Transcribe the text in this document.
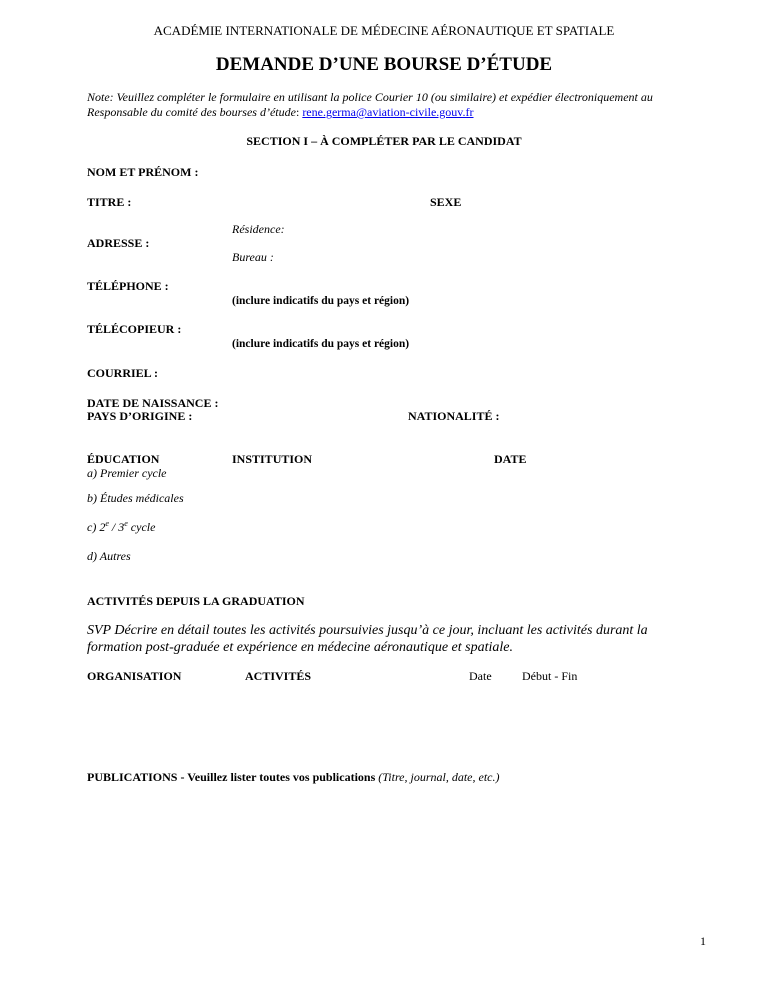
ACADÉMIE INTERNATIONALE DE MÉDECINE AÉRONAUTIQUE ET SPATIALE
DEMANDE D’UNE BOURSE D’ÉTUDE
Note: Veuillez compléter le formulaire en utilisant la police Courier 10 (ou similaire) et expédier électroniquement au
Responsable du comité des bourses d’étude: rene.germa@aviation-civile.gouv.fr
SECTION I – À COMPLÉTER PAR LE CANDIDAT
NOM ET PRÉNOM :
TITRE :	SEXE
Résidence:
ADRESSE :
Bureau :
TÉLÉPHONE :
(inclure indicatifs du pays et région)
TÉLÉCOPIEUR :
(inclure indicatifs du pays et région)
COURRIEL :
DATE DE NAISSANCE :
PAYS D’ORIGINE :	NATIONALITÉ :
ÉDUCATION	INSTITUTION	DATE
a) Premier cycle
b) Études médicales
c) 2e / 3e cycle
d) Autres
ACTIVITÉS DEPUIS LA GRADUATION
SVP Décrire en détail toutes les activités poursuivies jusqu’à ce jour, incluant les activités durant la
formation post-graduée et expérience en médecine aéronautique et spatiale.
ORGANISATION	ACTIVITÉS	Date	Début - Fin
PUBLICATIONS - Veuillez lister toutes vos publications (Titre, journal, date, etc.)
1
